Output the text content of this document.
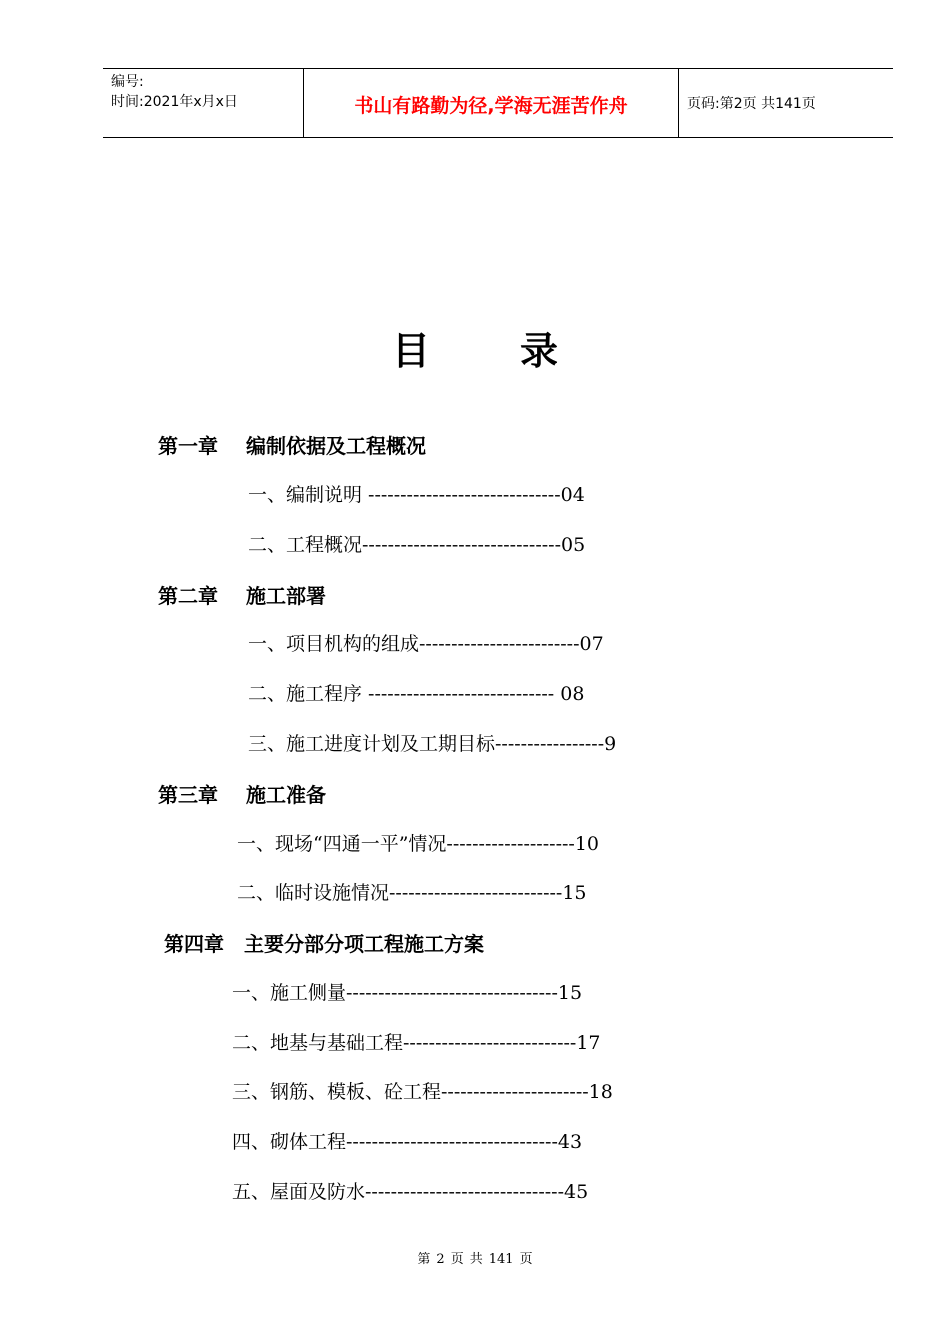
编号:
时间:2021年x月x日	书山有路勤为径,学海无涯苦作舟	页码:第2页 共141页
目 录
第一章 编制依据及工程概况
一、编制说明 ------------------------------04
二、工程概况-------------------------------05
第二章 施工部署
一、项目机构的组成-------------------------07
二、施工程序 ----------------------------- 08
三、施工进度计划及工期目标-----------------9
第三章 施工准备
一、现场“四通一平”情况--------------------10
二、临时设施情况---------------------------15
第四章 主要分部分项工程施工方案
一、施工侧量---------------------------------15
二、地基与基础工程---------------------------17
三、钢筋、模板、砼工程-----------------------18
四、砌体工程---------------------------------43
五、屋面及防水-------------------------------45
第 2 页 共 141 页
